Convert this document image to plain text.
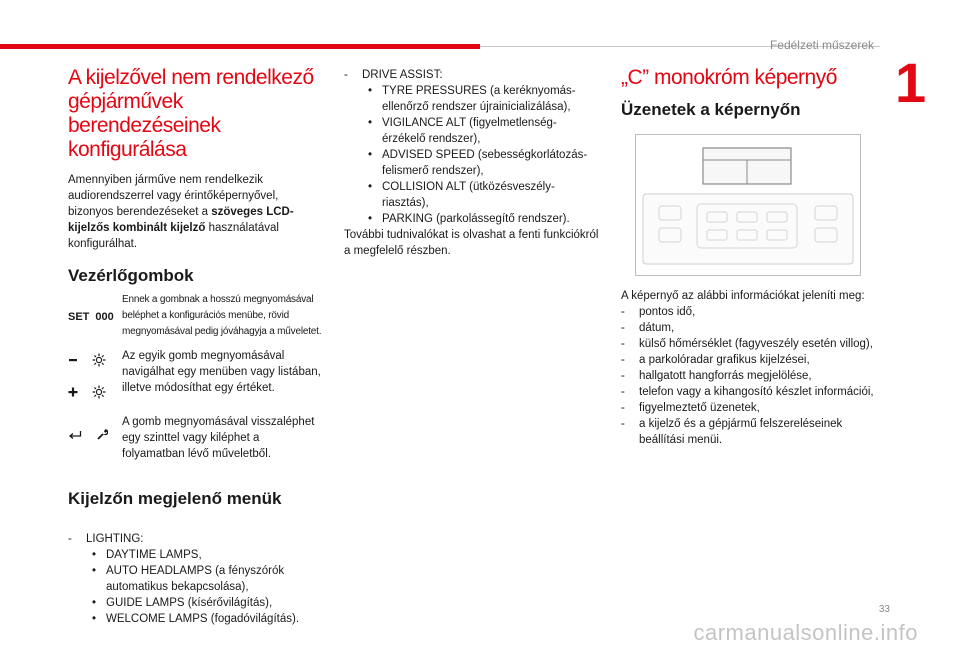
Fedélzeti műszerek
1
A kijelzővel nem rendelkező
gépjárművek berendezéseinek
konfigurálása

Amennyiben járműve nem rendelkezik audiorendszerrel vagy érintőképernyővel, bizonyos berendezéseket a szöveges LCD-kijelzős kombinált kijelző használatával konfigurálhat.

Vezérlőgombok
SET 000

Ennek a gombnak a hosszú megnyomásával beléphet a konfigurációs menübe, rövid megnyomásával pedig jóváhagyja a műveletet.

Az egyik gomb megnyomásával navigálhat egy menüben vagy listában, illetve módosíthat egy értéket.

A gomb megnyomásával visszaléphet egy szinttel vagy kiléphet a folyamatban lévő műveletből.

Kijelzőn megjelenő menük
- LIGHTING:
• DAYTIME LAMPS,
• AUTO HEADLAMPS (a fényszórók automatikus bekapcsolása),
• GUIDE LAMPS (kísérővilágítás),
• WELCOME LAMPS (fogadóvilágítás).
- DRIVE ASSIST:
• TYRE PRESSURES (a keréknyomás-ellenőrző rendszer újrainicializálása),
• VIGILANCE ALT (figyelmetlenség-érzékelő rendszer),
• ADVISED SPEED (sebességkorlátozás-felismerő rendszer),
• COLLISION ALT (ütközésveszély-riasztás),
• PARKING (parkolássegítő rendszer).

További tudnivalókat is olvashat a fenti funkciókról a megfelelő részben.

„C” monokróm képernyő
Üzenetek a képernyőn

A képernyő az alábbi információkat jeleníti meg:

- pontos idő,
- dátum,
- külső hőmérséklet (fagyveszély esetén villog),
- a parkolóradar grafikus kijelzései,
- hallgatott hangforrás megjelölése,
- telefon vagy a kihangosító készlet információi,
- figyelmeztető üzenetek,
- a kijelző és a gépjármű felszereléseinek beállítási menüi.
33
carmanualsonline.info
